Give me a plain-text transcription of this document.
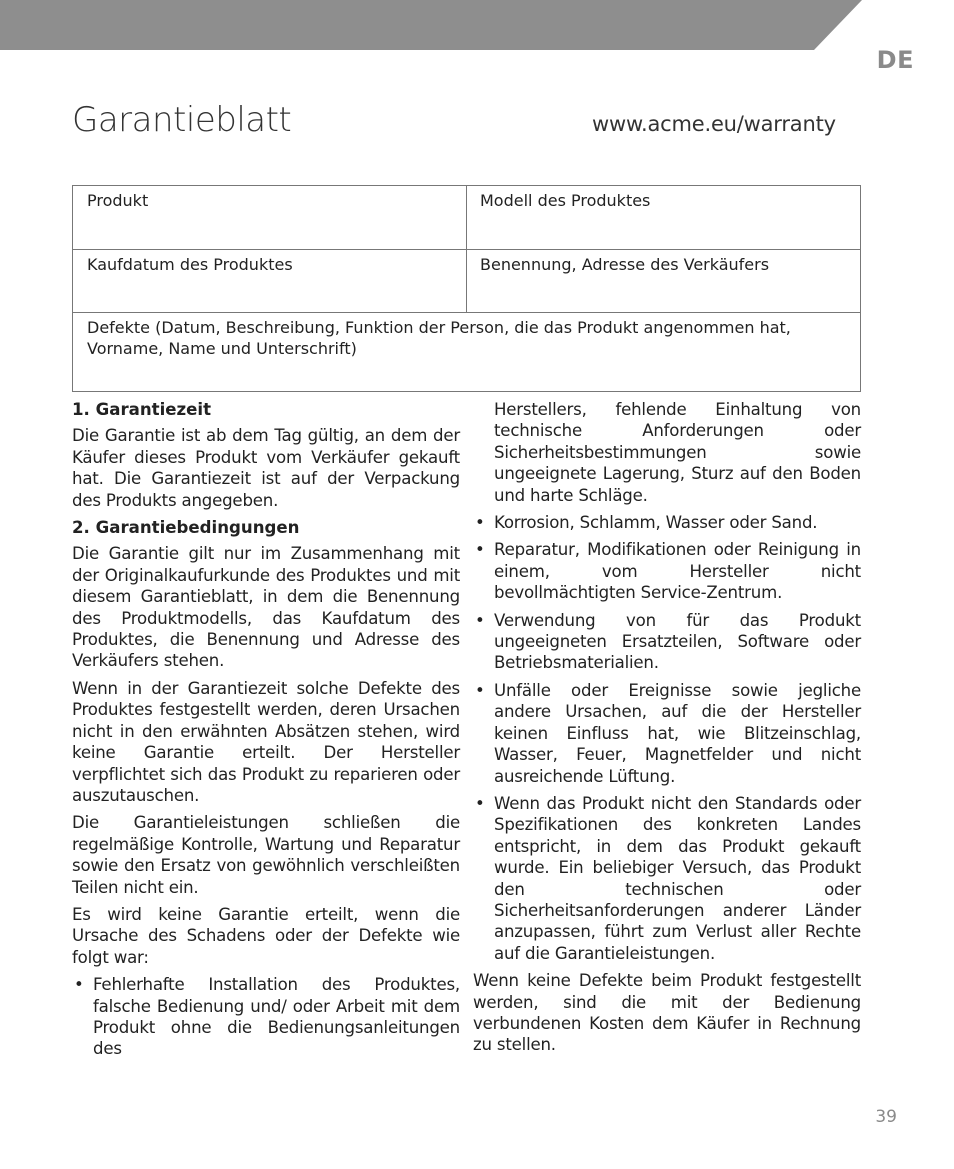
DE
Garantieblatt	www.acme.eu/warranty
Produkt	Modell des Produktes
Kaufdatum des Produktes	Benennung, Adresse des Verkäufers
Defekte (Datum, Beschreibung, Funktion der Person, die das Produkt angenommen hat, Vorname, Name und Unterschrift)
1. Garantiezeit
Die Garantie ist ab dem Tag gültig, an dem der Käufer dieses Produkt vom Verkäufer gekauft hat. Die Garantiezeit ist auf der Verpackung des Produkts angegeben.
2. Garantiebedingungen
Die Garantie gilt nur im Zusammenhang mit der Originalkaufurkunde des Produktes und mit diesem Garantieblatt, in dem die Benennung des Produktmodells, das Kaufdatum des Produktes, die Benennung und Adresse des Verkäufers stehen.
Wenn in der Garantiezeit solche Defekte des Produktes festgestellt werden, deren Ursachen nicht in den erwähnten Absätzen stehen, wird keine Garantie erteilt. Der Hersteller verpflichtet sich das Produkt zu reparieren oder auszutauschen.
Die Garantieleistungen schließen die regelmäßige Kontrolle, Wartung und Reparatur sowie den Ersatz von gewöhnlich verschleißten Teilen nicht ein.
Es wird keine Garantie erteilt, wenn die Ursache des Schadens oder der Defekte wie folgt war:
• Fehlerhafte Installation des Produktes, falsche Bedienung und/ oder Arbeit mit dem Produkt ohne die Bedienungsanleitungen des
Herstellers, fehlende Einhaltung von technische Anforderungen oder Sicherheitsbestimmungen sowie ungeeignete Lagerung, Sturz auf den Boden und harte Schläge.
• Korrosion, Schlamm, Wasser oder Sand.
• Reparatur, Modifikationen oder Reinigung in einem, vom Hersteller nicht bevollmächtigten Service-Zentrum.
• Verwendung von für das Produkt ungeeigneten Ersatzteilen, Software oder Betriebsmaterialien.
• Unfälle oder Ereignisse sowie jegliche andere Ursachen, auf die der Hersteller keinen Einfluss hat, wie Blitzeinschlag, Wasser, Feuer, Magnetfelder und nicht ausreichende Lüftung.
• Wenn das Produkt nicht den Standards oder Spezifikationen des konkreten Landes entspricht, in dem das Produkt gekauft wurde. Ein beliebiger Versuch, das Produkt den technischen oder Sicherheitsanforderungen anderer Länder anzupassen, führt zum Verlust aller Rechte auf die Garantieleistungen.
Wenn keine Defekte beim Produkt festgestellt werden, sind die mit der Bedienung verbundenen Kosten dem Käufer in Rechnung zu stellen.
39
